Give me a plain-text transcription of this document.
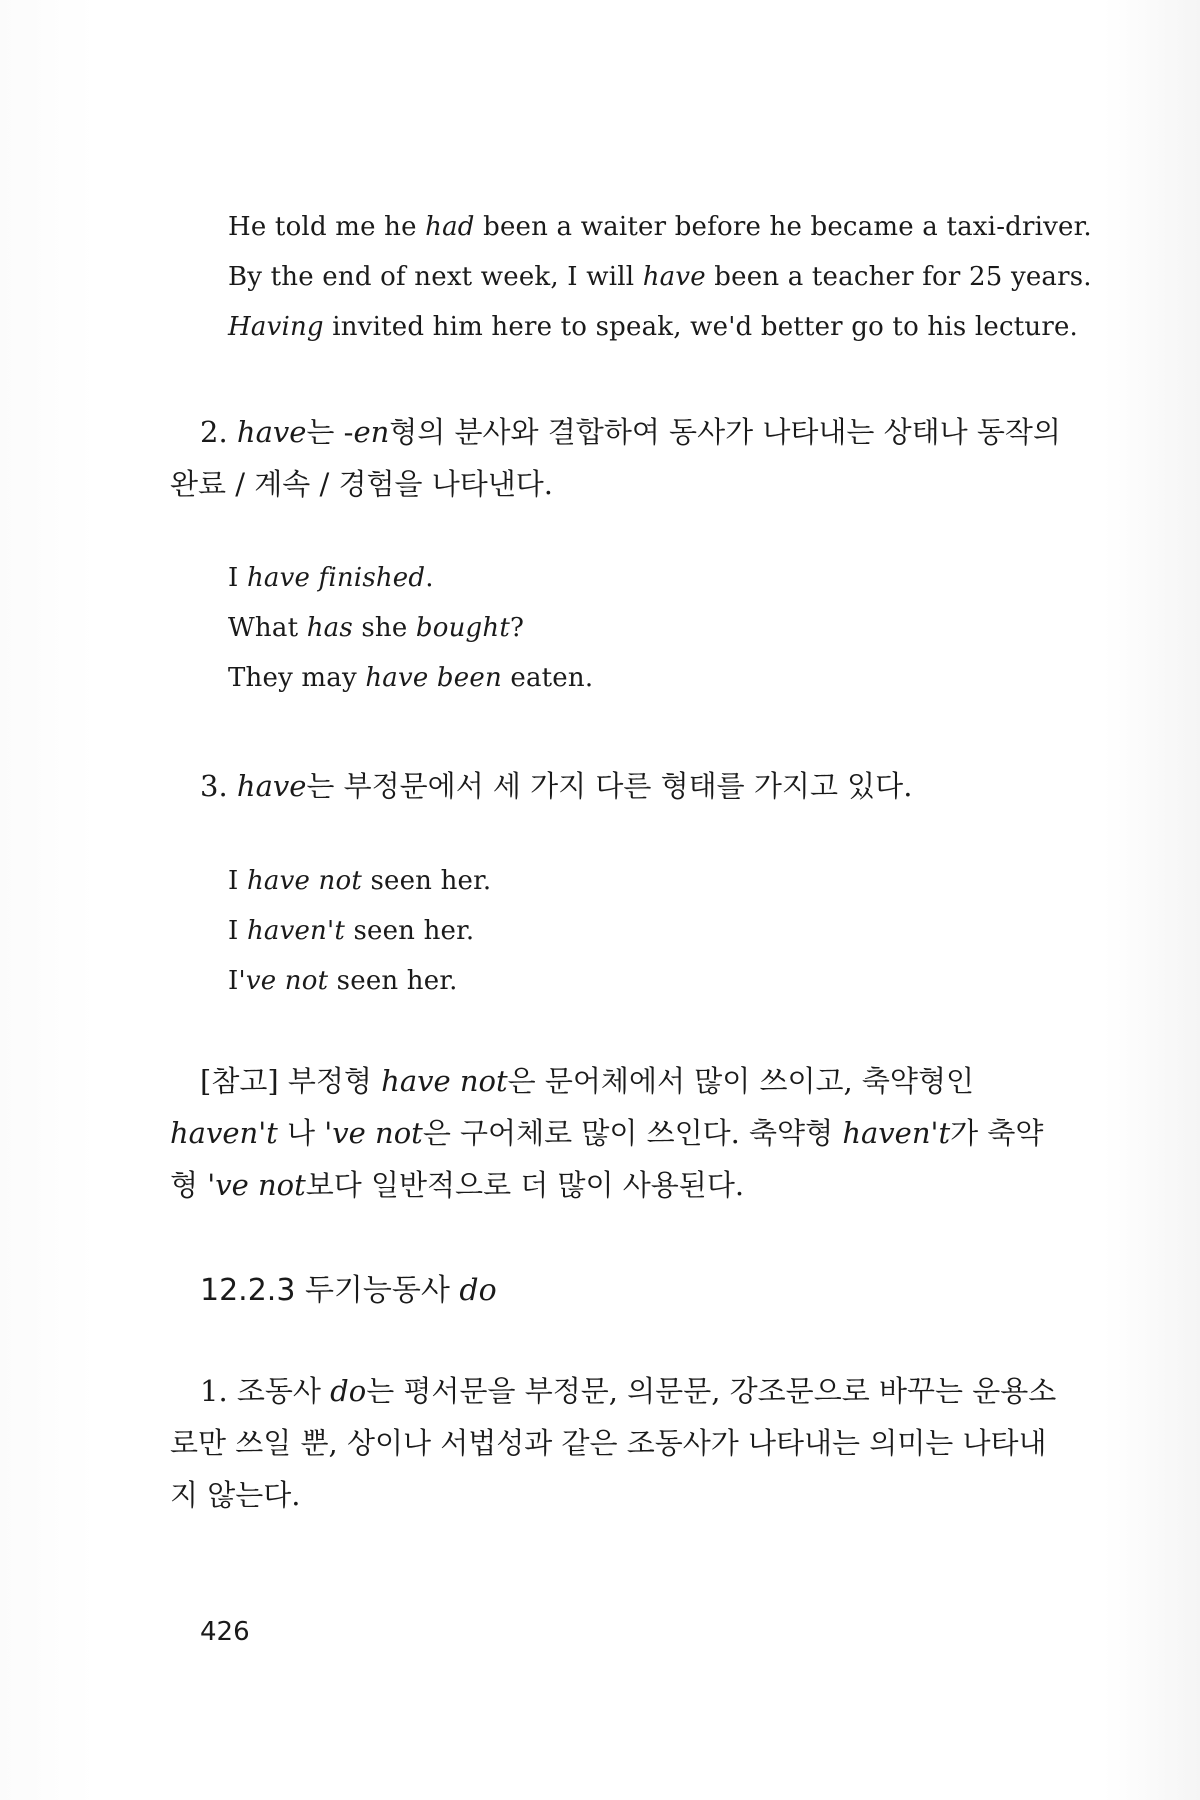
He told me he had been a waiter before he became a taxi-driver.
By the end of next week, I will have been a teacher for 25 years.
Having invited him here to speak, we'd better go to his lecture.
2. have는 -en형의 분사와 결합하여 동사가 나타내는 상태나 동작의 완료 / 계속 / 경험을 나타낸다.
I have finished.
What has she bought?
They may have been eaten.
3. have는 부정문에서 세 가지 다른 형태를 가지고 있다.
I have not seen her.
I haven't seen her.
I've not seen her.
[참고] 부정형 have not은 문어체에서 많이 쓰이고, 축약형인 haven't 나 've not은 구어체로 많이 쓰인다. 축약형 haven't가 축약형 've not보다 일반적으로 더 많이 사용된다.
12.2.3 두기능동사 do
1. 조동사 do는 평서문을 부정문, 의문문, 강조문으로 바꾸는 운용소로만 쓰일 뿐, 상이나 서법성과 같은 조동사가 나타내는 의미는 나타내지 않는다.
426
